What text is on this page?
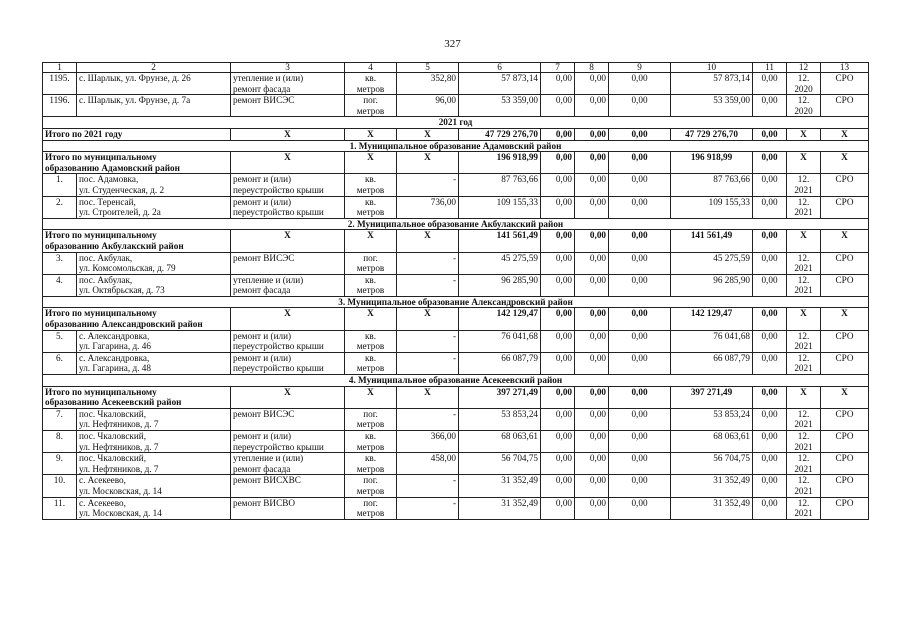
327
1	2	3	4	5	6	7	8	9	10	11	12	13
1195.	с. Шарлык, ул. Фрунзе, д. 26	утепление и (или)
ремонт фасада	кв.
метров	352,80	57 873,14	0,00	0,00	0,00	57 873,14	0,00	12.
2020	СРО
1196.	с. Шарлык, ул. Фрунзе, д. 7а	ремонт ВИСЭС	пог.
метров	96,00	53 359,00	0,00	0,00	0,00	53 359,00	0,00	12.
2020	СРО
2021 год												
Итого по 2021 году		X	X	X	47 729 276,70	0,00	0,00	0,00	47 729 276,70	0,00	X	X
1. Муниципальное образование Адамовский район												

Итого по муниципальному
образованию Адамовский район		X	X	X	196 918,99	0,00	0,00	0,00	196 918,99	0,00	X	X
1.	пос. Адамовка,
ул. Студенческая, д. 2	ремонт и (или)
переустройство крыши	кв.
метров	-	87 763,66	0,00	0,00	0,00	87 763,66	0,00	12.
2021	СРО
2.	пос. Теренсай,
ул. Строителей, д. 2а	ремонт и (или)
переустройство крыши	кв.
метров	736,00	109 155,33	0,00	0,00	0,00	109 155,33	0,00	12.
2021	СРО
2. Муниципальное образование Акбулакский район												

Итого по муниципальному
образованию Акбулакский район		X	X	X	141 561,49	0,00	0,00	0,00	141 561,49	0,00	X	X
3.	пос. Акбулак,
ул. Комсомольская, д. 79	ремонт ВИСЭС	пог.
метров	-	45 275,59	0,00	0,00	0,00	45 275,59	0,00	12.
2021	СРО
4.	пос. Акбулак,
ул. Октябрьская, д. 73	утепление и (или)
ремонт фасада	кв.
метров	-	96 285,90	0,00	0,00	0,00	96 285,90	0,00	12.
2021	СРО
3. Муниципальное образование Александровский район												

Итого по муниципальному
образованию Александровский район		X	X	X	142 129,47	0,00	0,00	0,00	142 129,47	0,00	X	X
5.	с. Александровка,
ул. Гагарина, д. 46	ремонт и (или)
переустройство крыши	кв.
метров	-	76 041,68	0,00	0,00	0,00	76 041,68	0,00	12.
2021	СРО
6.	с. Александровка,
ул. Гагарина, д. 48	ремонт и (или)
переустройство крыши	кв.
метров	-	66 087,79	0,00	0,00	0,00	66 087,79	0,00	12.
2021	СРО
4. Муниципальное образование Асекеевский район												

Итого по муниципальному
образованию Асекеевский район		X	X	X	397 271,49	0,00	0,00	0,00	397 271,49	0,00	X	X
7.	пос. Чкаловский,
ул. Нефтяников, д. 7	ремонт ВИСЭС	пог.
метров	-	53 853,24	0,00	0,00	0,00	53 853,24	0,00	12.
2021	СРО
8.	пос. Чкаловский,
ул. Нефтяников, д. 7	ремонт и (или)
переустройство крыши	кв.
метров	366,00	68 063,61	0,00	0,00	0,00	68 063,61	0,00	12.
2021	СРО
9.	пос. Чкаловский,
ул. Нефтяников, д. 7	утепление и (или)
ремонт фасада	кв.
метров	458,00	56 704,75	0,00	0,00	0,00	56 704,75	0,00	12.
2021	СРО
10.	с. Асекеево,
ул. Московская, д. 14	ремонт ВИСХВС	пог.
метров	-	31 352,49	0,00	0,00	0,00	31 352,49	0,00	12.
2021	СРО
11.	с. Асекеево,
ул. Московская, д. 14	ремонт ВИСВО	пог.
метров	-	31 352,49	0,00	0,00	0,00	31 352,49	0,00	12.
2021	СРО
